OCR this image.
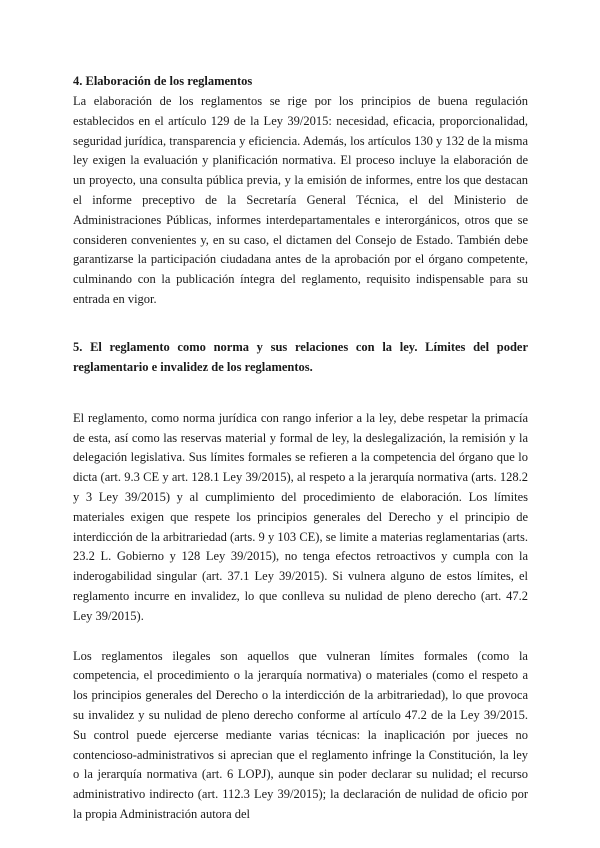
4. Elaboración de los reglamentos

La elaboración de los reglamentos se rige por los principios de buena regulación establecidos en el artículo 129 de la Ley 39/2015: necesidad, eficacia, proporcionalidad, seguridad jurídica, transparencia y eficiencia. Además, los artículos 130 y 132 de la misma ley exigen la evaluación y planificación normativa. El proceso incluye la elaboración de un proyecto, una consulta pública previa, y la emisión de informes, entre los que destacan el informe preceptivo de la Secretaría General Técnica, el del Ministerio de Administraciones Públicas, informes interdepartamentales e interorgánicos, otros que se consideren convenientes y, en su caso, el dictamen del Consejo de Estado. También debe garantizarse la participación ciudadana antes de la aprobación por el órgano competente, culminando con la publicación íntegra del reglamento, requisito indispensable para su entrada en vigor.

5. El reglamento como norma y sus relaciones con la ley. Límites del poder reglamentario e invalidez de los reglamentos.

El reglamento, como norma jurídica con rango inferior a la ley, debe respetar la primacía de esta, así como las reservas material y formal de ley, la deslegalización, la remisión y la delegación legislativa. Sus límites formales se refieren a la competencia del órgano que lo dicta (art. 9.3 CE y art. 128.1 Ley 39/2015), al respeto a la jerarquía normativa (arts. 128.2 y 3 Ley 39/2015) y al cumplimiento del procedimiento de elaboración. Los límites materiales exigen que respete los principios generales del Derecho y el principio de interdicción de la arbitrariedad (arts. 9 y 103 CE), se limite a materias reglamentarias (arts. 23.2 L. Gobierno y 128 Ley 39/2015), no tenga efectos retroactivos y cumpla con la inderogabilidad singular (art. 37.1 Ley 39/2015). Si vulnera alguno de estos límites, el reglamento incurre en invalidez, lo que conlleva su nulidad de pleno derecho (art. 47.2 Ley 39/2015).

Los reglamentos ilegales son aquellos que vulneran límites formales (como la competencia, el procedimiento o la jerarquía normativa) o materiales (como el respeto a los principios generales del Derecho o la interdicción de la arbitrariedad), lo que provoca su invalidez y su nulidad de pleno derecho conforme al artículo 47.2 de la Ley 39/2015. Su control puede ejercerse mediante varias técnicas: la inaplicación por jueces no contencioso-administrativos si aprecian que el reglamento infringe la Constitución, la ley o la jerarquía normativa (art. 6 LOPJ), aunque sin poder declarar su nulidad; el recurso administrativo indirecto (art. 112.3 Ley 39/2015); la declaración de nulidad de oficio por la propia Administración autora del
